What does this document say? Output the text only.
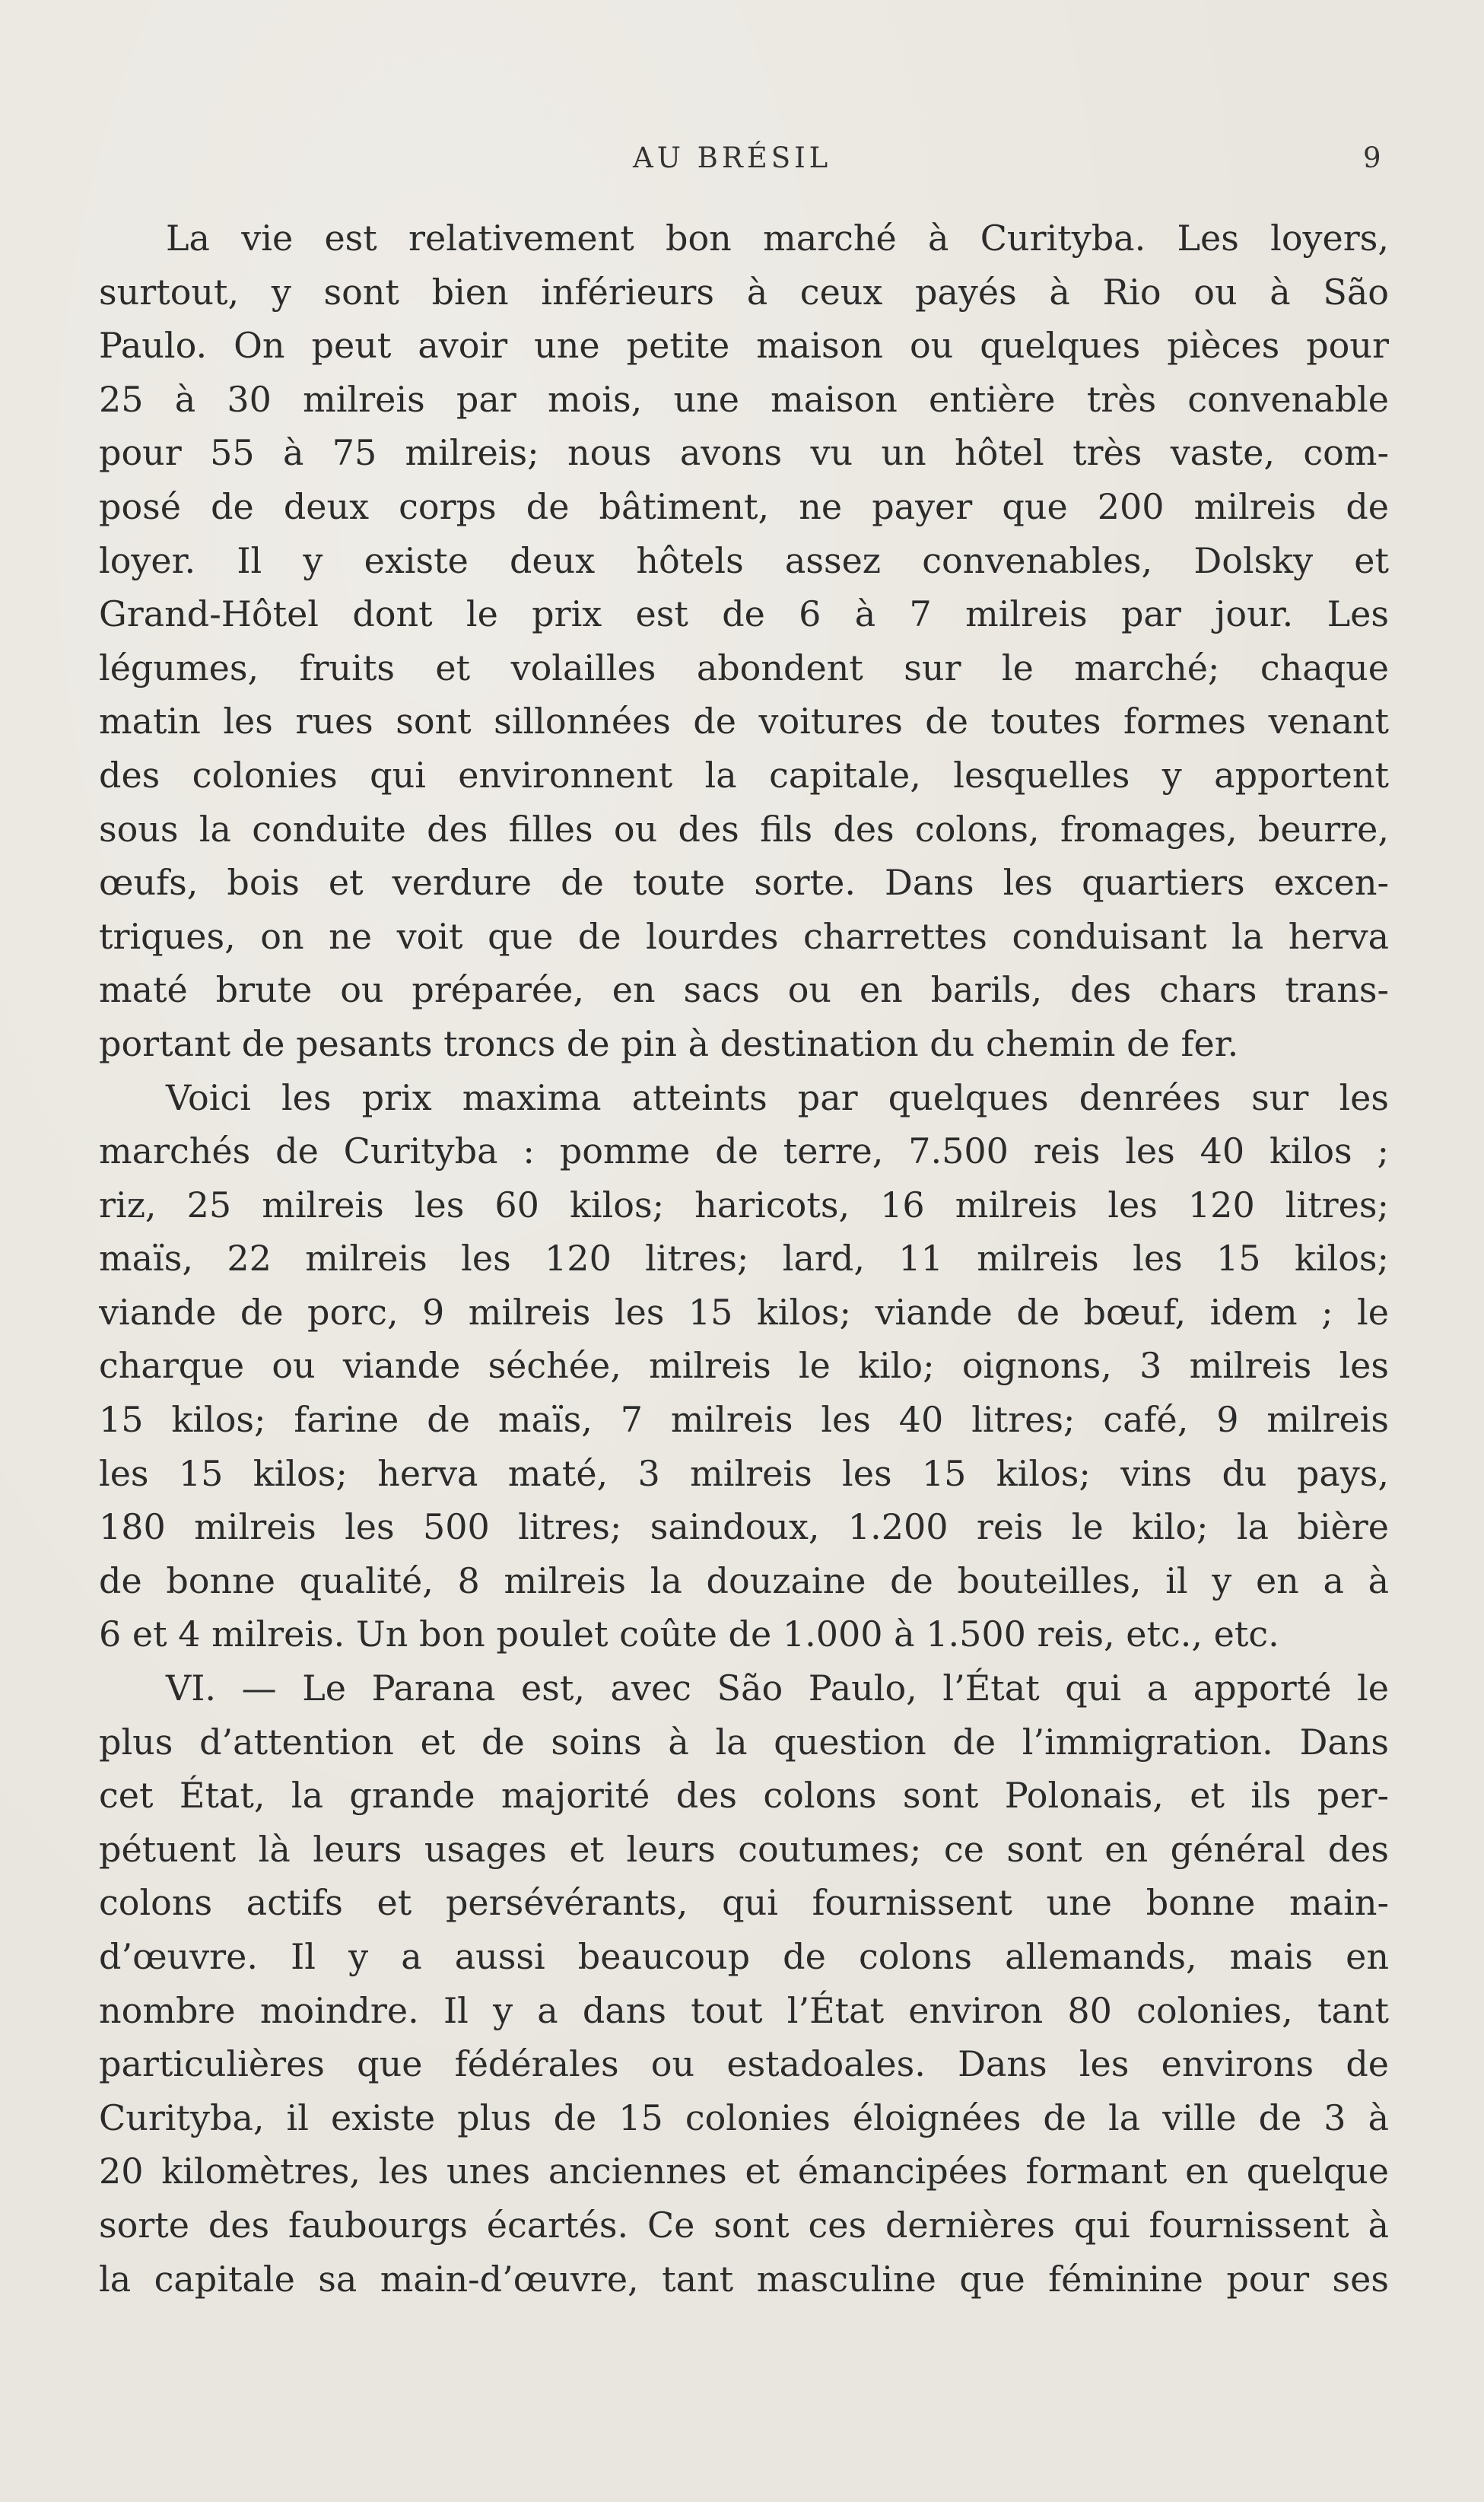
AU BRÉSIL	9
La vie est relativement bon marché à Curityba. Les loyers,
surtout, y sont bien inférieurs à ceux payés à Rio ou à São
Paulo. On peut avoir une petite maison ou quelques pièces pour
25 à 30 milreis par mois, une maison entière très convenable
pour 55 à 75 milreis; nous avons vu un hôtel très vaste, com-
posé de deux corps de bâtiment, ne payer que 200 milreis de
loyer. Il y existe deux hôtels assez convenables, Dolsky et
Grand-Hôtel dont le prix est de 6 à 7 milreis par jour. Les
légumes, fruits et volailles abondent sur le marché; chaque
matin les rues sont sillonnées de voitures de toutes formes venant
des colonies qui environnent la capitale, lesquelles y apportent
sous la conduite des filles ou des fils des colons, fromages, beurre,
œufs, bois et verdure de toute sorte. Dans les quartiers excen-
triques, on ne voit que de lourdes charrettes conduisant la herva
maté brute ou préparée, en sacs ou en barils, des chars trans-
portant de pesants troncs de pin à destination du chemin de fer.
Voici les prix maxima atteints par quelques denrées sur les
marchés de Curityba : pomme de terre, 7.500 reis les 40 kilos ;
riz, 25 milreis les 60 kilos; haricots, 16 milreis les 120 litres;
maïs, 22 milreis les 120 litres; lard, 11 milreis les 15 kilos;
viande de porc, 9 milreis les 15 kilos; viande de bœuf, idem ; le
charque ou viande séchée, milreis le kilo; oignons, 3 milreis les
15 kilos; farine de maïs, 7 milreis les 40 litres; café, 9 milreis
les 15 kilos; herva maté, 3 milreis les 15 kilos; vins du pays,
180 milreis les 500 litres; saindoux, 1.200 reis le kilo; la bière
de bonne qualité, 8 milreis la douzaine de bouteilles, il y en a à
6 et 4 milreis. Un bon poulet coûte de 1.000 à 1.500 reis, etc., etc.
VI. — Le Parana est, avec São Paulo, l’État qui a apporté le
plus d’attention et de soins à la question de l’immigration. Dans
cet État, la grande majorité des colons sont Polonais, et ils per-
pétuent là leurs usages et leurs coutumes; ce sont en général des
colons actifs et persévérants, qui fournissent une bonne main-
d’œuvre. Il y a aussi beaucoup de colons allemands, mais en
nombre moindre. Il y a dans tout l’État environ 80 colonies, tant
particulières que fédérales ou estadoales. Dans les environs de
Curityba, il existe plus de 15 colonies éloignées de la ville de 3 à
20 kilomètres, les unes anciennes et émancipées formant en quelque
sorte des faubourgs écartés. Ce sont ces dernières qui fournissent à
la capitale sa main-d’œuvre, tant masculine que féminine pour ses
